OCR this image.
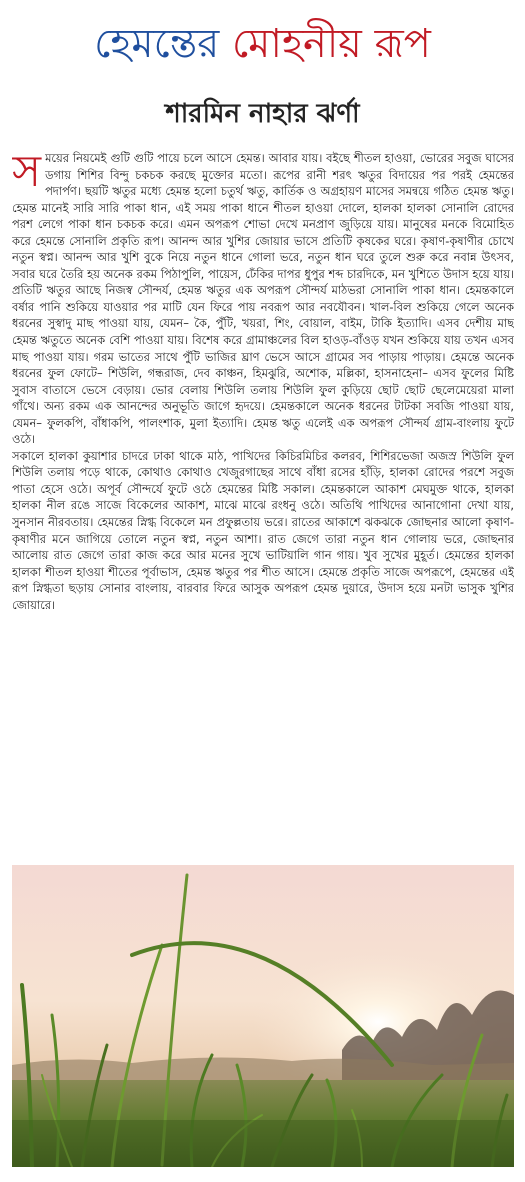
হেমন্তের মোহনীয় রূপ
শারমিন নাহার ঝর্ণা

সময়ের নিয়মেই গুটি গুটি পায়ে চলে আসে হেমন্ত। আবার যায়। বইছে শীতল হাওয়া, ভোরের সবুজ ঘাসের ডগায় শিশির বিন্দু চকচক করছে মুক্তোর মতো। রূপের রানী শরৎ ঋতুর বিদায়ের পর পরই হেমন্তের পদার্পণ। ছয়টি ঋতুর মধ্যে হেমন্ত হলো চতুর্থ ঋতু, কার্তিক ও অগ্রহায়ণ মাসের সমন্বয়ে গঠিত হেমন্ত ঋতু। হেমন্ত মানেই সারি সারি পাকা ধান, এই সময় পাকা ধানে শীতল হাওয়া দোলে, হালকা হালকা সোনালি রোদের পরশ লেগে পাকা ধান চকচক করে। এমন অপরূপ শোভা দেখে মনপ্রাণ জুড়িয়ে যায়। মানুষের মনকে বিমোহিত করে হেমন্তে সোনালি প্রকৃতি রূপ। আনন্দ আর খুশির জোয়ার ভাসে প্রতিটি কৃষকের ঘরে। কৃষাণ-কৃষাণীর চোখে নতুন স্বপ্ন। আনন্দ আর খুশি বুকে নিয়ে নতুন ধানে গোলা ভরে, নতুন ধান ঘরে তুলে শুরু করে নবান্ন উৎসব, সবার ঘরে তৈরি হয় অনেক রকম পিঠাপুলি, পায়েস, ঢেঁকির দাপর ধুপুর শব্দ চারদিকে, মন খুশিতে উদাস হয়ে যায়। প্রতিটি ঋতুর আছে নিজস্ব সৌন্দর্য, হেমন্ত ঋতুর এক অপরূপ সৌন্দর্য মাঠভরা সোনালি পাকা ধান। হেমন্তকালে বর্ষার পানি শুকিয়ে যাওয়ার পর মাটি যেন ফিরে পায় নবরূপ আর নবযৌবন। খাল-বিল শুকিয়ে গেলে অনেক ধরনের সুস্বাদু মাছ পাওয়া যায়, যেমন– কৈ, পুঁটি, খয়রা, শিং, বোয়াল, বাইম, টাকি ইত্যাদি। এসব দেশীয় মাছ হেমন্ত ঋতুতে অনেক বেশি পাওয়া যায়। বিশেষ করে গ্রামাঞ্চলের বিল হাওড়-বাঁওড় যখন শুকিয়ে যায় তখন এসব মাছ পাওয়া যায়। গরম ভাতের সাথে পুঁটি ভাজির ঘ্রাণ ভেসে আসে গ্রামের সব পাড়ায় পাড়ায়। হেমন্তে অনেক ধরনের ফুল ফোটে– শিউলি, গন্ধরাজ, দেব কাঞ্চন, হিমঝুরি, অশোক, মল্লিকা, হাসনাহেনা– এসব ফুলের মিষ্টি সুবাস বাতাসে ভেসে বেড়ায়। ভোর বেলায় শিউলি তলায় শিউলি ফুল কুড়িয়ে ছোট ছোট ছেলেমেয়েরা মালা গাঁথে। অন্য রকম এক আনন্দের অনুভূতি জাগে হৃদয়ে। হেমন্তকালে অনেক ধরনের টাটকা সবজি পাওয়া যায়, যেমন– ফুলকপি, বাঁধাকপি, পালংশাক, মুলা ইত্যাদি। হেমন্ত ঋতু এলেই এক অপরূপ সৌন্দর্য গ্রাম-বাংলায় ফুটে ওঠে।

সকালে হালকা কুয়াশার চাদরে ঢাকা থাকে মাঠ, পাখিদের কিচিরমিচির কলরব, শিশিরভেজা অজস্র শিউলি ফুল শিউলি তলায় পড়ে থাকে, কোথাও কোথাও খেজুরগাছের সাথে বাঁধা রসের হাঁড়ি, হালকা রোদের পরশে সবুজ পাতা হেসে ওঠে। অপূর্ব সৌন্দর্যে ফুটে ওঠে হেমন্তের মিষ্টি সকাল। হেমন্তকালে আকাশ মেঘমুক্ত থাকে, হালকা হালকা নীল রঙে সাজে বিকেলের আকাশ, মাঝে মাঝে রংধনু ওঠে। অতিথি পাখিদের আনাগোনা দেখা যায়, সুনসান নীরবতায়। হেমন্তের স্নিগ্ধ বিকেলে মন প্রফুল্লতায় ভরে। রাতের আকাশে ঝকঝকে জোছনার আলো কৃষাণ-কৃষাণীর মনে জাগিয়ে তোলে নতুন স্বপ্ন, নতুন আশা। রাত জেগে তারা নতুন ধান গোলায় ভরে, জোছনার আলোয় রাত জেগে তারা কাজ করে আর মনের সুখে ভাটিয়ালি গান গায়। খুব সুখের মুহূর্ত। হেমন্তের হালকা হালকা শীতল হাওয়া শীতের পূর্বাভাস, হেমন্ত ঋতুর পর শীত আসে। হেমন্তে প্রকৃতি সাজে অপরূপে, হেমন্তের এই রূপ স্নিগ্ধতা ছড়ায় সোনার বাংলায়, বারবার ফিরে আসুক অপরূপ হেমন্ত দুয়ারে, উদাস হয়ে মনটা ভাসুক খুশির জোয়ারে।
